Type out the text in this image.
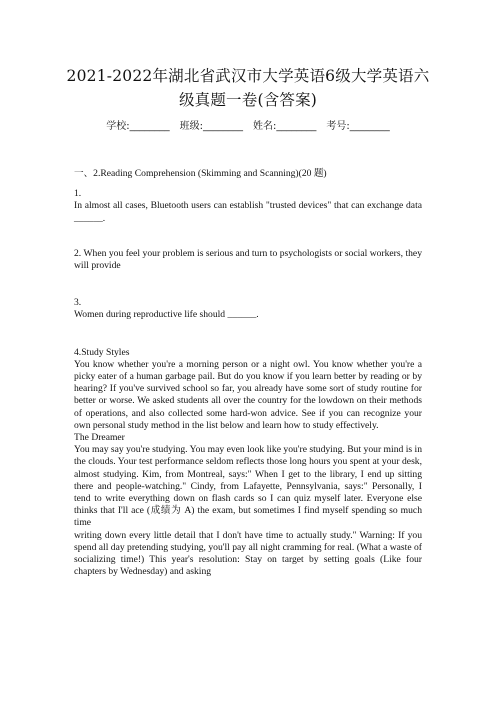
2021-2022年湖北省武汉市大学英语6级大学英语六级真题一卷(含答案)
学校:________ 班级:________ 姓名:________ 考号:________

一、2.Reading Comprehension (Skimming and Scanning)(20 题)

1.

In almost all cases, Bluetooth users can establish "trusted devices" that can exchange data ______.

2. When you feel your problem is serious and turn to psychologists or social workers, they will provide

3.

Women during reproductive life should ______.

4.Study Styles

You know whether you're a morning person or a night owl. You know whether you're a picky eater of a human garbage pail. But do you know if you learn better by reading or by hearing? If you've survived school so far, you already have some sort of study routine for better or worse. We asked students all over the country for the lowdown on their methods of operations, and also collected some hard-won advice. See if you can recognize your own personal study method in the list below and learn how to study effectively.

The Dreamer

You may say you're studying. You may even look like you're studying. But your mind is in the clouds. Your test performance seldom reflects those long hours you spent at your desk, almost studying. Kim, from Montreal, says:" When I get to the library, I end up sitting there and people-watching." Cindy, from Lafayette, Pennsylvania, says:" Personally, I tend to write everything down on flash cards so I can quiz myself later. Everyone else thinks that I'll ace (成绩为 A) the exam, but sometimes I find myself spending so much time

writing down every little detail that I don't have time to actually study." Warning: If you spend all day pretending studying, you'll pay all night cramming for real. (What a waste of socializing time!) This year's resolution: Stay on target by setting goals (Like four chapters by Wednesday) and asking
